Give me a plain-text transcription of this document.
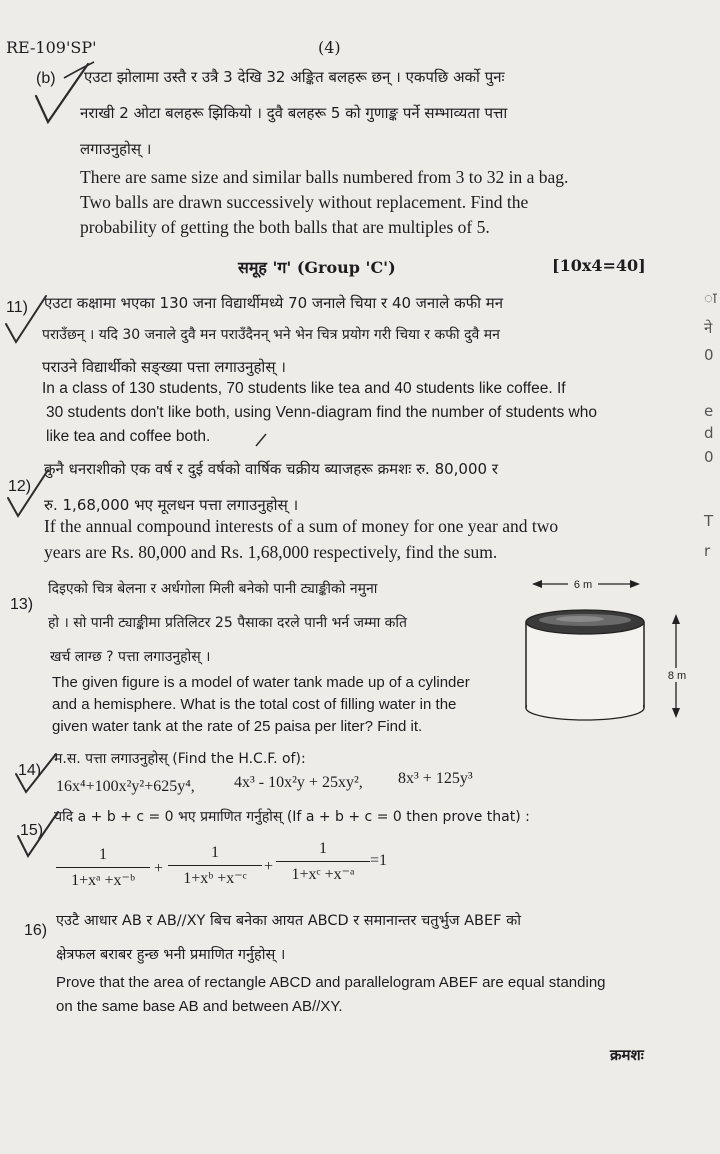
RE-109'SP'	(4)
(b) एउटा झोलामा उस्तै र उत्रै 3 देखि 32 अङ्कित बलहरू छन् । एकपछि अर्को पुनः
नराखी 2 ओटा बलहरू झिकियो । दुवै बलहरू 5 को गुणाङ्क पर्ने सम्भाव्यता पत्ता
लगाउनुहोस् ।
There are same size and similar balls numbered from 3 to 32 in a bag.
Two balls are drawn successively without replacement. Find the
probability of getting the both balls that are multiples of 5.
समूह 'ग' (Group 'C')	[10x4=40]
11) एउटा कक्षामा भएका 130 जना विद्यार्थीमध्ये 70 जनाले चिया र 40 जनाले कफी मन
पराउँछन् । यदि 30 जनाले दुवै मन पराउँदैनन् भने भेन चित्र प्रयोग गरी चिया र कफी दुवै मन
पराउने विद्यार्थीको सङ्ख्या पत्ता लगाउनुहोस् ।
In a class of 130 students, 70 students like tea and 40 students like coffee. If
30 students don't like both, using Venn-diagram find the number of students who
like tea and coffee both.
12)
कुनै धनराशीको एक वर्ष र दुई वर्षको वार्षिक चक्रीय ब्याजहरू क्रमशः रु. 80,000 र
रु. 1,68,000 भए मूलधन पत्ता लगाउनुहोस् ।
If the annual compound interests of a sum of money for one year and two
years are Rs. 80,000 and Rs. 1,68,000 respectively, find the sum.
13)
दिइएको चित्र बेलना र अर्धगोला मिली बनेको पानी ट्याङ्कीको नमुना
हो । सो पानी ट्याङ्कीमा प्रतिलिटर 25 पैसाका दरले पानी भर्न जम्मा कति
खर्च लाग्छ ? पत्ता लगाउनुहोस् ।
The given figure is a model of water tank made up of a cylinder
and a hemisphere. What is the total cost of filling water in the
given water tank at the rate of 25 paisa per liter? Find it.
6 m
8 m
14)
म.स. पत्ता लगाउनुहोस् (Find the H.C.F. of):
16x⁴+100x²y²+625y⁴, 4x³ - 10x²y + 25xy², 8x³ + 125y³
15)
यदि a + b + c = 0 भए प्रमाणित गर्नुहोस् (If a + b + c = 0 then prove that) :
1
1+xᵃ +x⁻ᵇ
+
1
1+xᵇ +x⁻ᶜ
+
1
1+xᶜ +x⁻ᵃ
=1
16)
एउटै आधार AB र AB//XY बिच बनेका आयत ABCD र समानान्तर चतुर्भुज ABEF को
क्षेत्रफल बराबर हुन्छ भनी प्रमाणित गर्नुहोस् ।
Prove that the area of rectangle ABCD and parallelogram ABEF are equal standing
on the same base AB and between AB//XY.
क्रमशः
ा
ने
0
e
d
0
T
r
